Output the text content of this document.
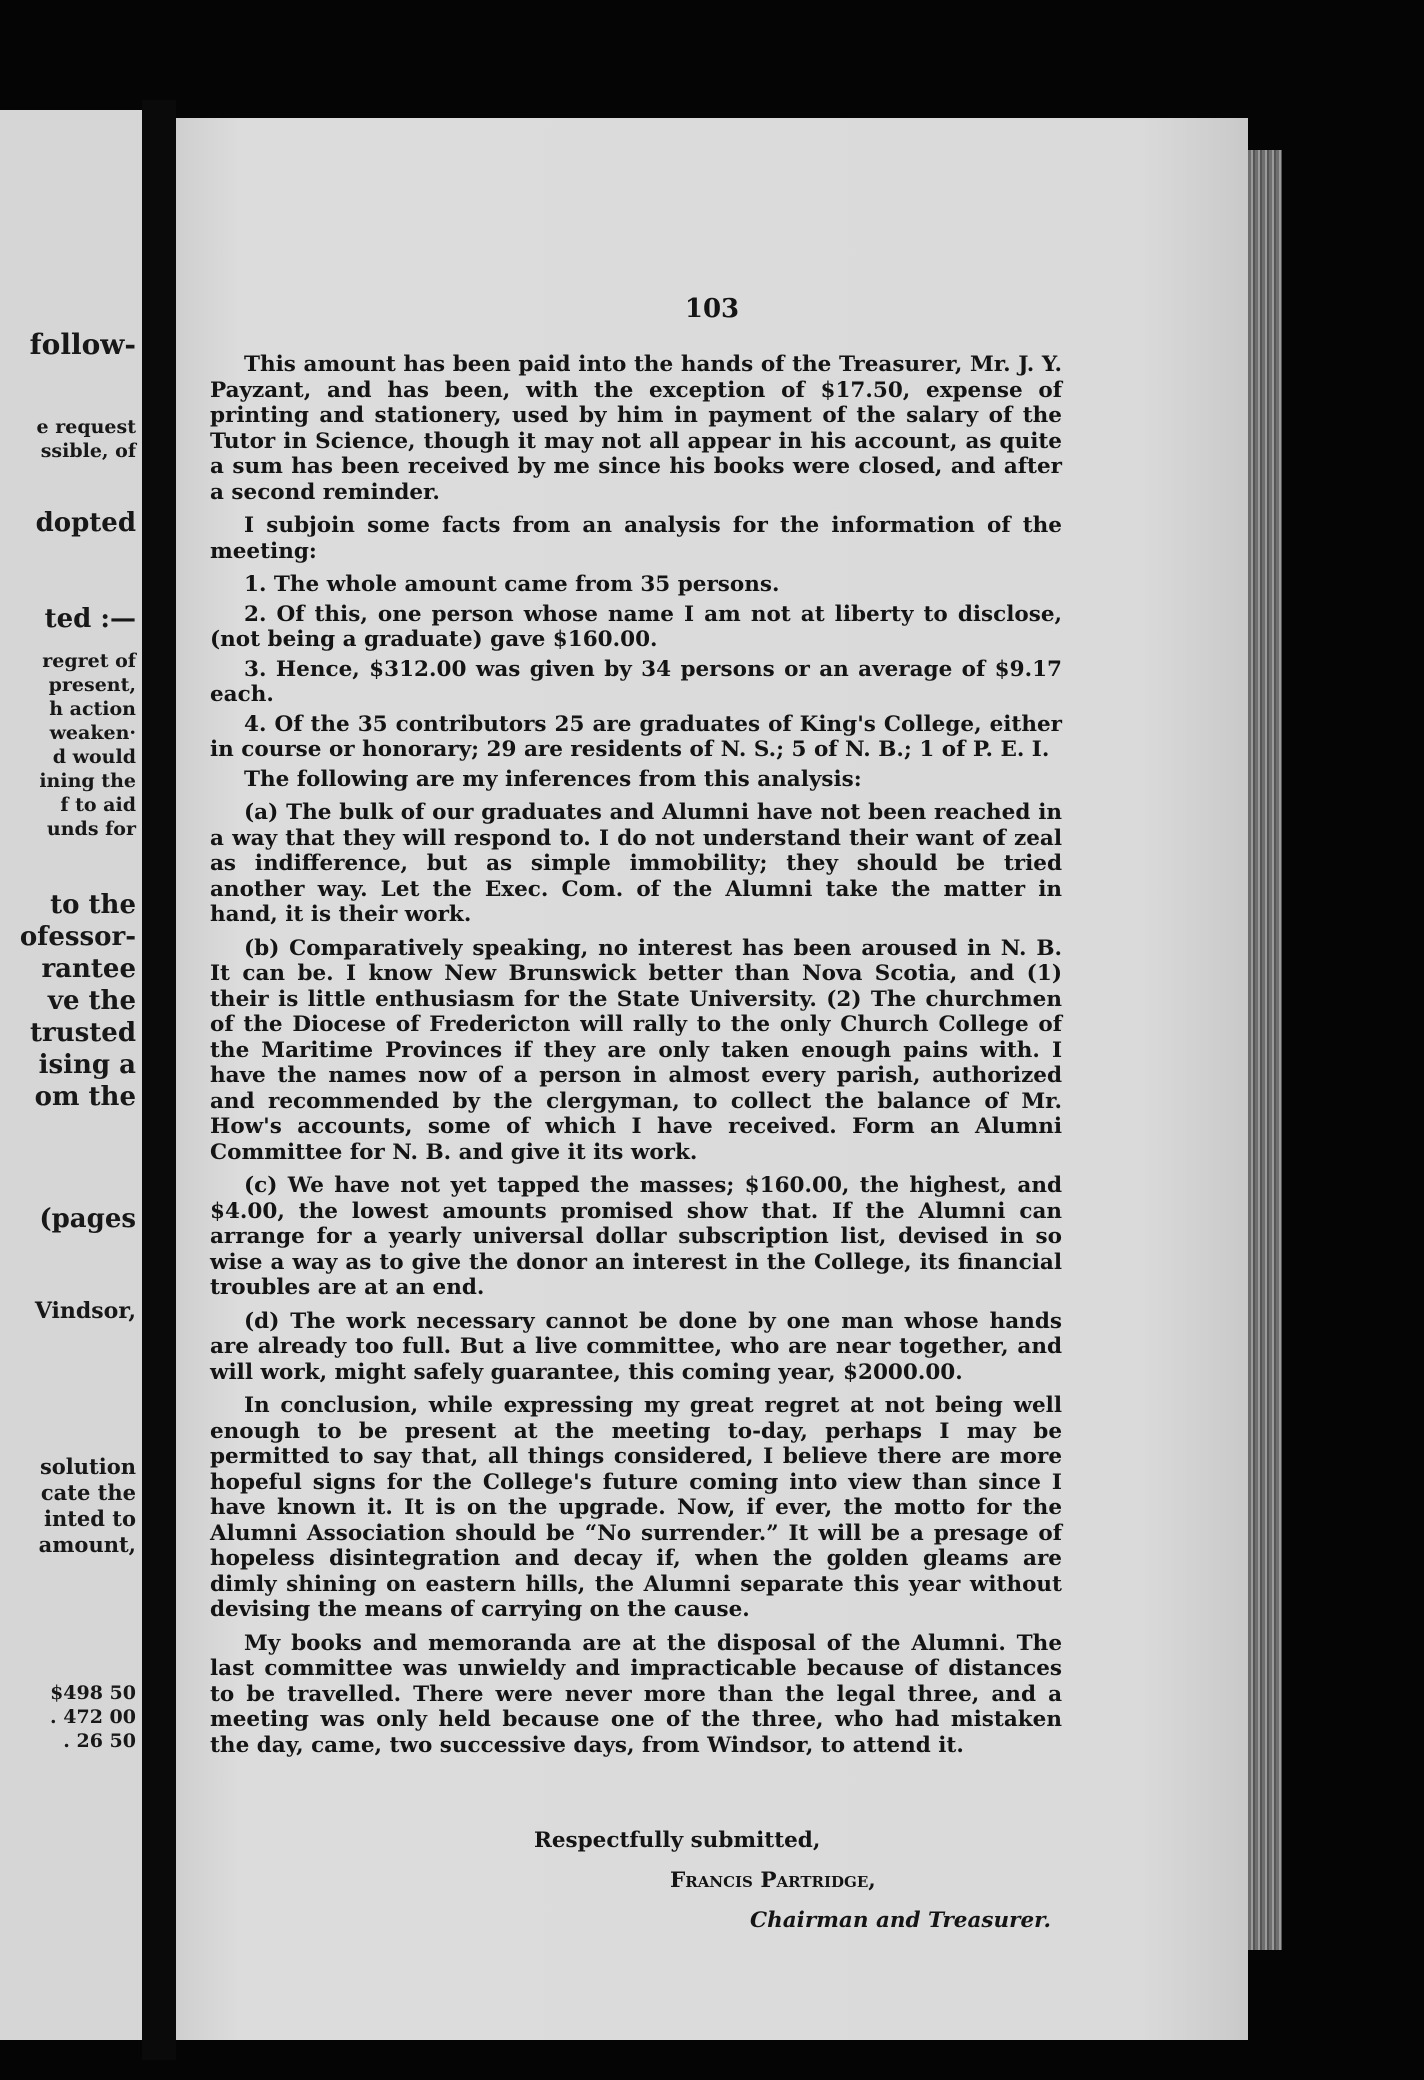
follow-
e request
ssible, of
dopted
ted :—
regret of
present,
h action
weaken·
d would
ining the
f to aid
unds for
to the
ofessor-
rantee
ve the
trusted
ising a
om the
(pages
Vindsor,
solution
cate the
inted to
amount,
$498 50
. 472 00
. 26 50
103

This amount has been paid into the hands of the Treasurer, Mr. J. Y. Payzant, and has been, with the exception of $17.50, expense of printing and stationery, used by him in payment of the salary of the Tutor in Science, though it may not all appear in his account, as quite a sum has been received by me since his books were closed, and after a second reminder.

I subjoin some facts from an analysis for the information of the meeting:

1. The whole amount came from 35 persons.

2. Of this, one person whose name I am not at liberty to disclose, (not being a graduate) gave $160.00.

3. Hence, $312.00 was given by 34 persons or an average of $9.17 each.

4. Of the 35 contributors 25 are graduates of King's College, either in course or honorary; 29 are residents of N. S.; 5 of N. B.; 1 of P. E. I.

The following are my inferences from this analysis:

(a) The bulk of our graduates and Alumni have not been reached in a way that they will respond to. I do not understand their want of zeal as indifference, but as simple immobility; they should be tried another way. Let the Exec. Com. of the Alumni take the matter in hand, it is their work.

(b) Comparatively speaking, no interest has been aroused in N. B. It can be. I know New Brunswick better than Nova Scotia, and (1) their is little enthusiasm for the State University. (2) The churchmen of the Diocese of Fredericton will rally to the only Church College of the Maritime Provinces if they are only taken enough pains with. I have the names now of a person in almost every parish, authorized and recommended by the clergyman, to collect the balance of Mr. How's accounts, some of which I have received. Form an Alumni Committee for N. B. and give it its work.

(c) We have not yet tapped the masses; $160.00, the highest, and $4.00, the lowest amounts promised show that. If the Alumni can arrange for a yearly universal dollar subscription list, devised in so wise a way as to give the donor an interest in the College, its financial troubles are at an end.

(d) The work necessary cannot be done by one man whose hands are already too full. But a live committee, who are near together, and will work, might safely guarantee, this coming year, $2000.00.

In conclusion, while expressing my great regret at not being well enough to be present at the meeting to-day, perhaps I may be permitted to say that, all things considered, I believe there are more hopeful signs for the College's future coming into view than since I have known it. It is on the upgrade. Now, if ever, the motto for the Alumni Association should be “No surrender.” It will be a presage of hopeless disintegration and decay if, when the golden gleams are dimly shining on eastern hills, the Alumni separate this year without devising the means of carrying on the cause.

My books and memoranda are at the disposal of the Alumni. The last committee was unwieldy and impracticable because of distances to be travelled. There were never more than the legal three, and a meeting was only held because one of the three, who had mistaken the day, came, two successive days, from Windsor, to attend it.

Respectfully submitted,
Francis Partridge,
Chairman and Treasurer.
